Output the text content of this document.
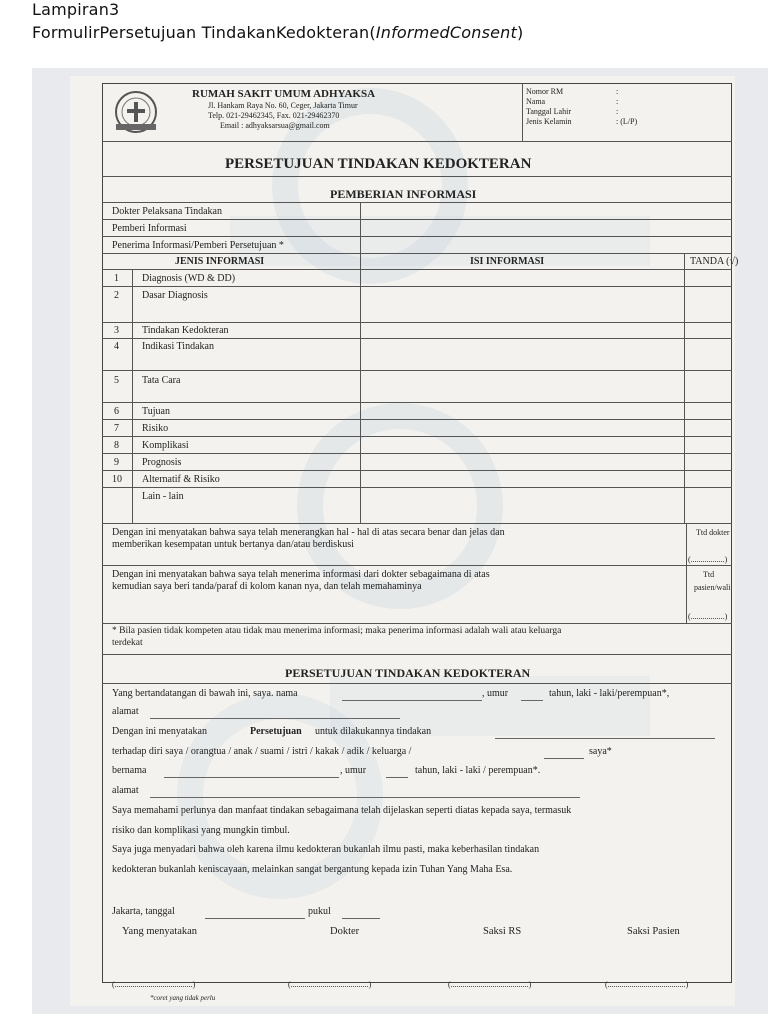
Lampiran3
FormulirPersetujuan TindakanKedokteran(InformedConsent)
RUMAH SAKIT UMUM ADHYAKSA
Jl. Hankam Raya No. 60, Ceger, Jakarta Timur
Telp. 021-29462345, Fax. 021-29462370
Email : adhyaksarsua@gmail.com
Nomor RM	:
Nama	:
Tanggal Lahir	:
Jenis Kelamin	: (L/P)
PERSETUJUAN TINDAKAN KEDOKTERAN
PEMBERIAN INFORMASI
Dokter Pelaksana Tindakan
Pemberi Informasi
Penerima Informasi/Pemberi Persetujuan *
JENIS INFORMASI	ISI INFORMASI	TANDA (√)
1 Diagnosis (WD & DD)
2 Dasar Diagnosis
3 Tindakan Kedokteran
4 Indikasi Tindakan
5 Tata Cara
6 Tujuan
7 Risiko
8 Komplikasi
9 Prognosis
10 Alternatif & Risiko
Lain - lain
Dengan ini menyatakan bahwa saya telah menerangkan hal - hal di atas secara benar dan jelas dan
memberikan kesempatan untuk bertanya dan/atau berdiskusi
Ttd dokter
(.................)
Dengan ini menyatakan bahwa saya telah menerima informasi dari dokter sebagaimana di atas
kemudian saya beri tanda/paraf di kolom kanan nya, dan telah memahaminya
Ttd
pasien/wali
(.................)
* Bila pasien tidak kompeten atau tidak mau menerima informasi; maka penerima informasi adalah wali atau keluarga
terdekat
PERSETUJUAN TINDAKAN KEDOKTERAN
Yang bertandatangan di bawah ini, saya. nama	, umur	tahun, laki - laki/perempuan*,
alamat
Dengan ini menyatakan	Persetujuan untuk dilakukannya tindakan
terhadap diri saya / orangtua / anak / suami / istri / kakak / adik / keluarga /	saya*
bernama	, umur	tahun, laki - laki / perempuan*.
alamat
Saya memahami perlunya dan manfaat tindakan sebagaimana telah dijelaskan seperti diatas kepada saya, termasuk
risiko dan komplikasi yang mungkin timbul.
Saya juga menyadari bahwa oleh karena ilmu kedokteran bukanlah ilmu pasti, maka keberhasilan tindakan
kedokteran bukanlah keniscayaan, melainkan sangat bergantung kepada izin Tuhan Yang Maha Esa.
Jakarta, tanggal	pukul
Yang menyatakan	Dokter	Saksi RS	Saksi Pasien
(.......................................)	(.......................................)	(.......................................)	(.......................................)
*coret yang tidak perlu
